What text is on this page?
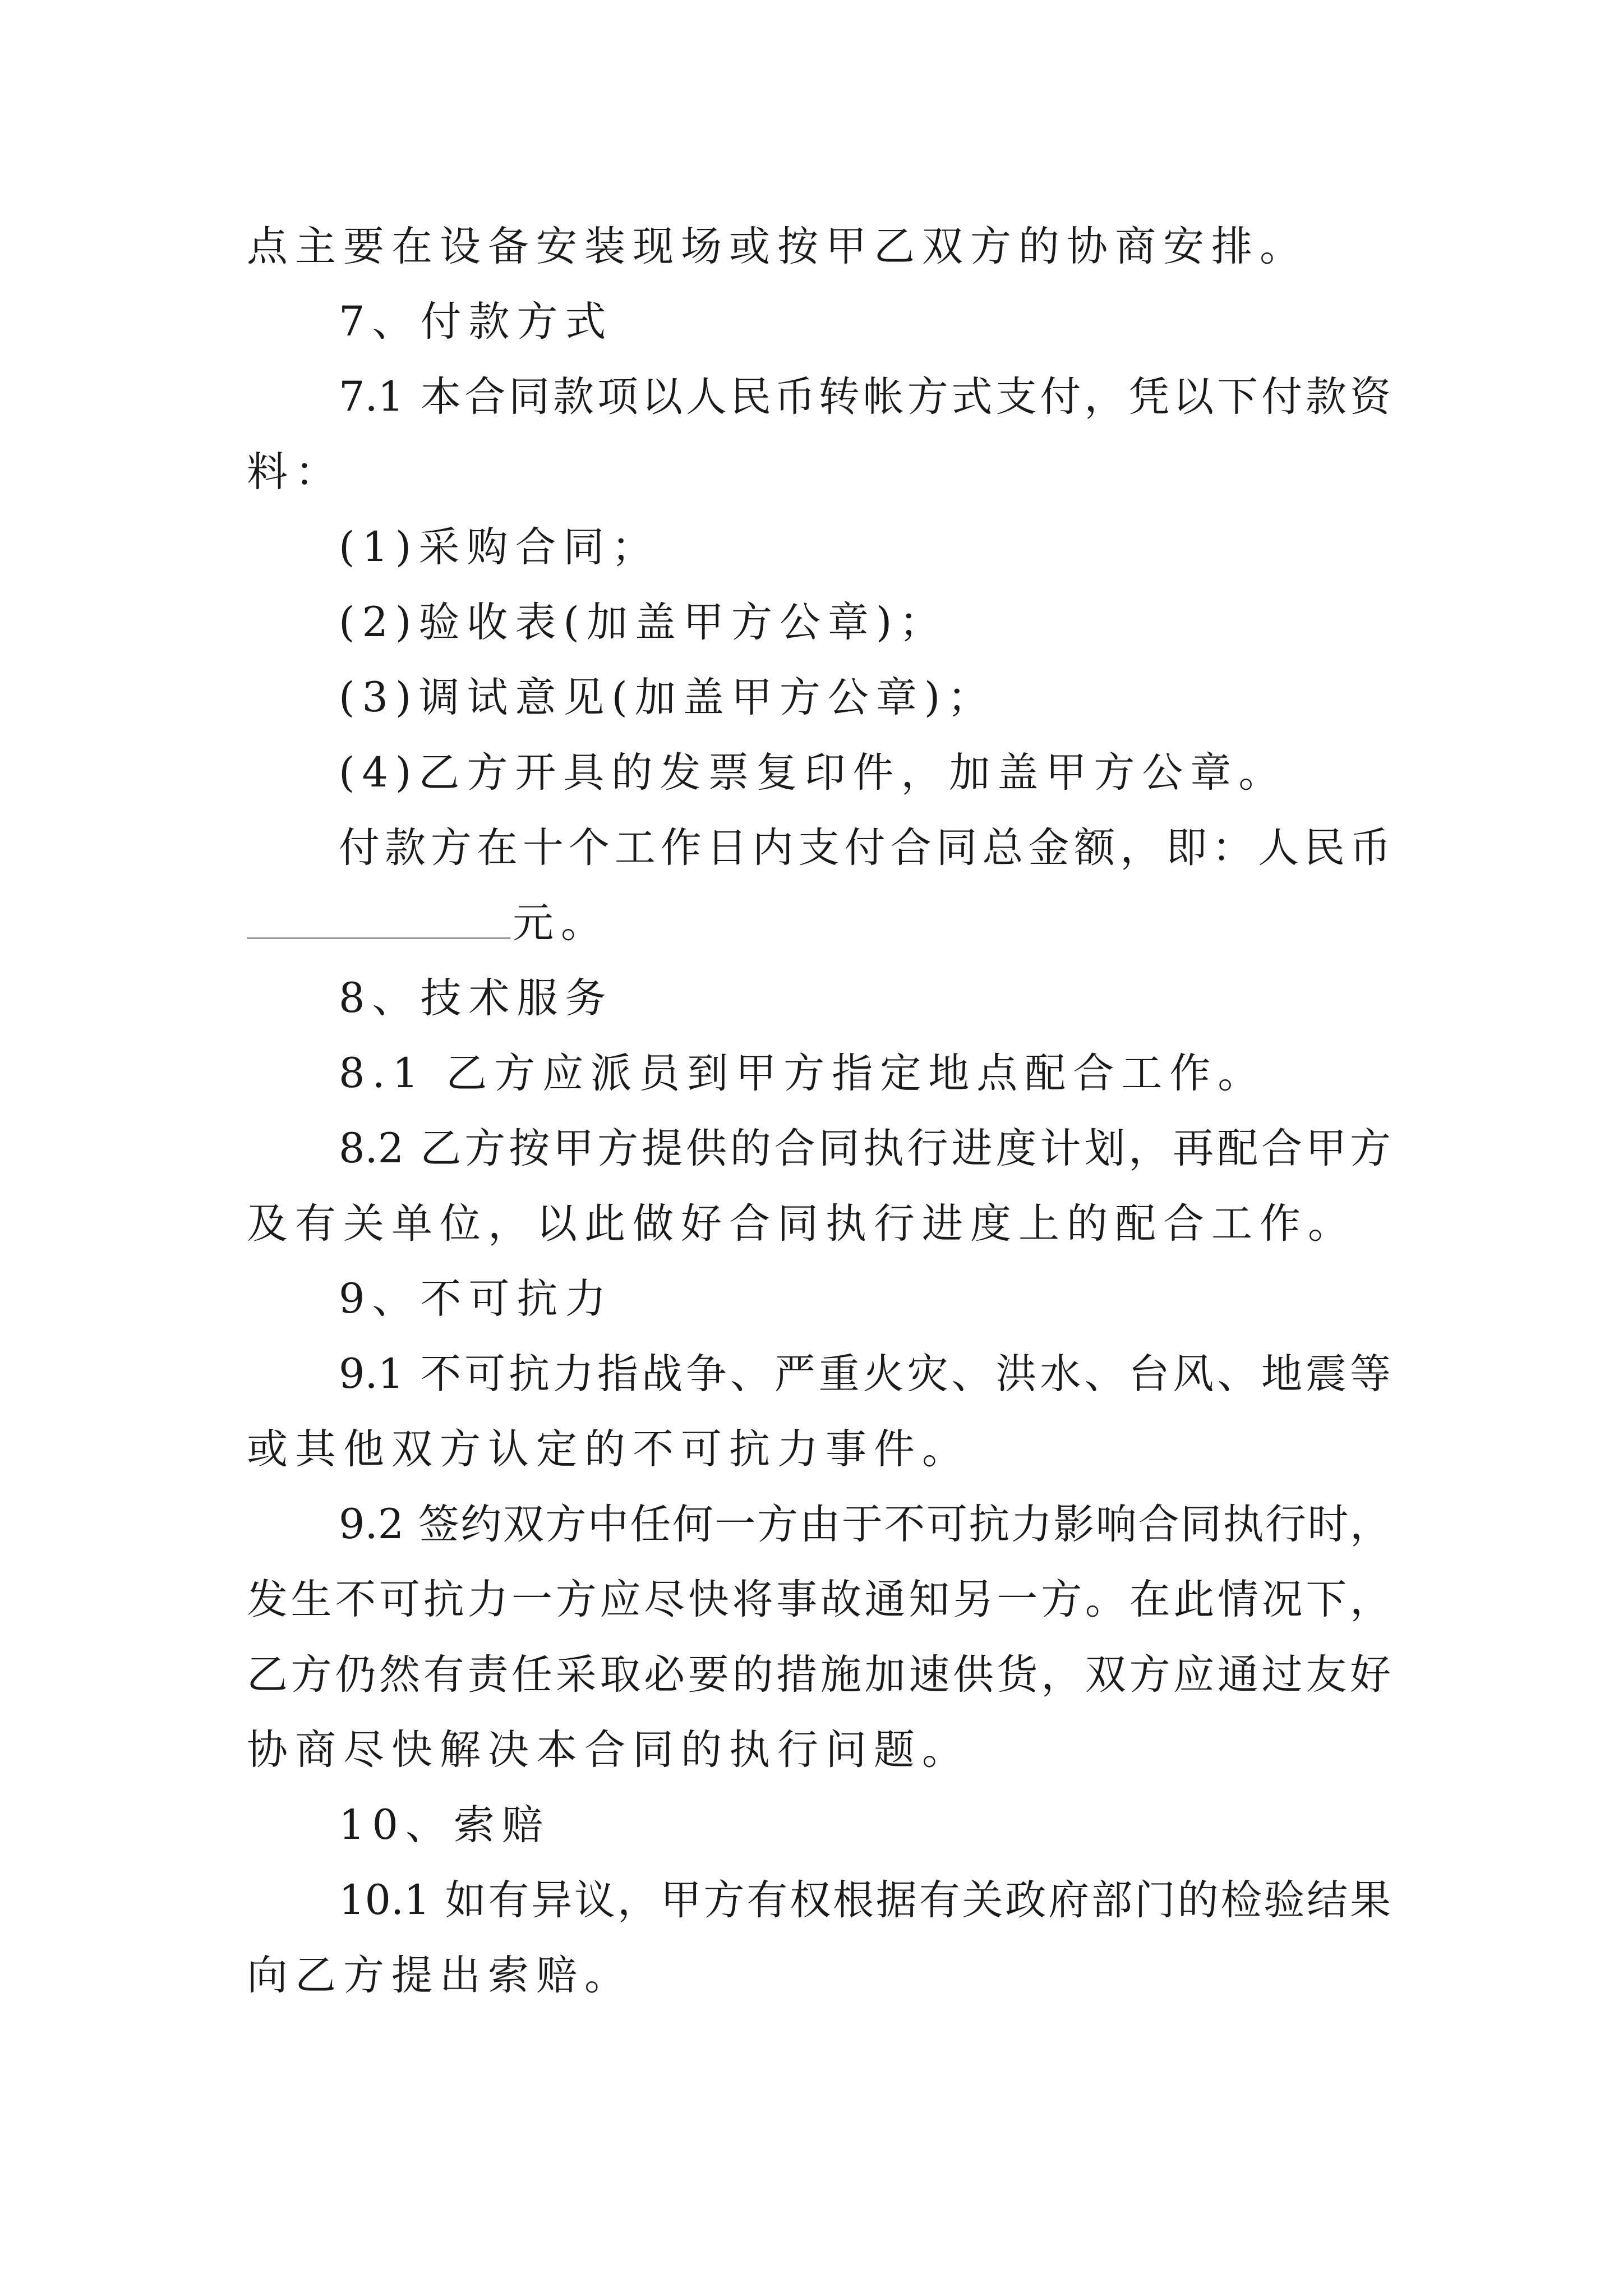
点主要在设备安装现场或按甲乙双方的协商安排。
7、付款方式
7.1 本合同款项以人民币转帐方式支付，凭以下付款资
料：
(1)采购合同；
(2)验收表(加盖甲方公章)；
(3)调试意见(加盖甲方公章)；
(4)乙方开具的发票复印件，加盖甲方公章。
付款方在十个工作日内支付合同总金额，即：人民币
元。
8、技术服务
8.1 乙方应派员到甲方指定地点配合工作。
8.2 乙方按甲方提供的合同执行进度计划，再配合甲方
及有关单位，以此做好合同执行进度上的配合工作。
9、不可抗力
9.1 不可抗力指战争、严重火灾、洪水、台风、地震等
或其他双方认定的不可抗力事件。
9.2 签约双方中任何一方由于不可抗力影响合同执行时，
发生不可抗力一方应尽快将事故通知另一方。在此情况下，
乙方仍然有责任采取必要的措施加速供货，双方应通过友好
协商尽快解决本合同的执行问题。
10、索赔
10.1 如有异议，甲方有权根据有关政府部门的检验结果
向乙方提出索赔。
